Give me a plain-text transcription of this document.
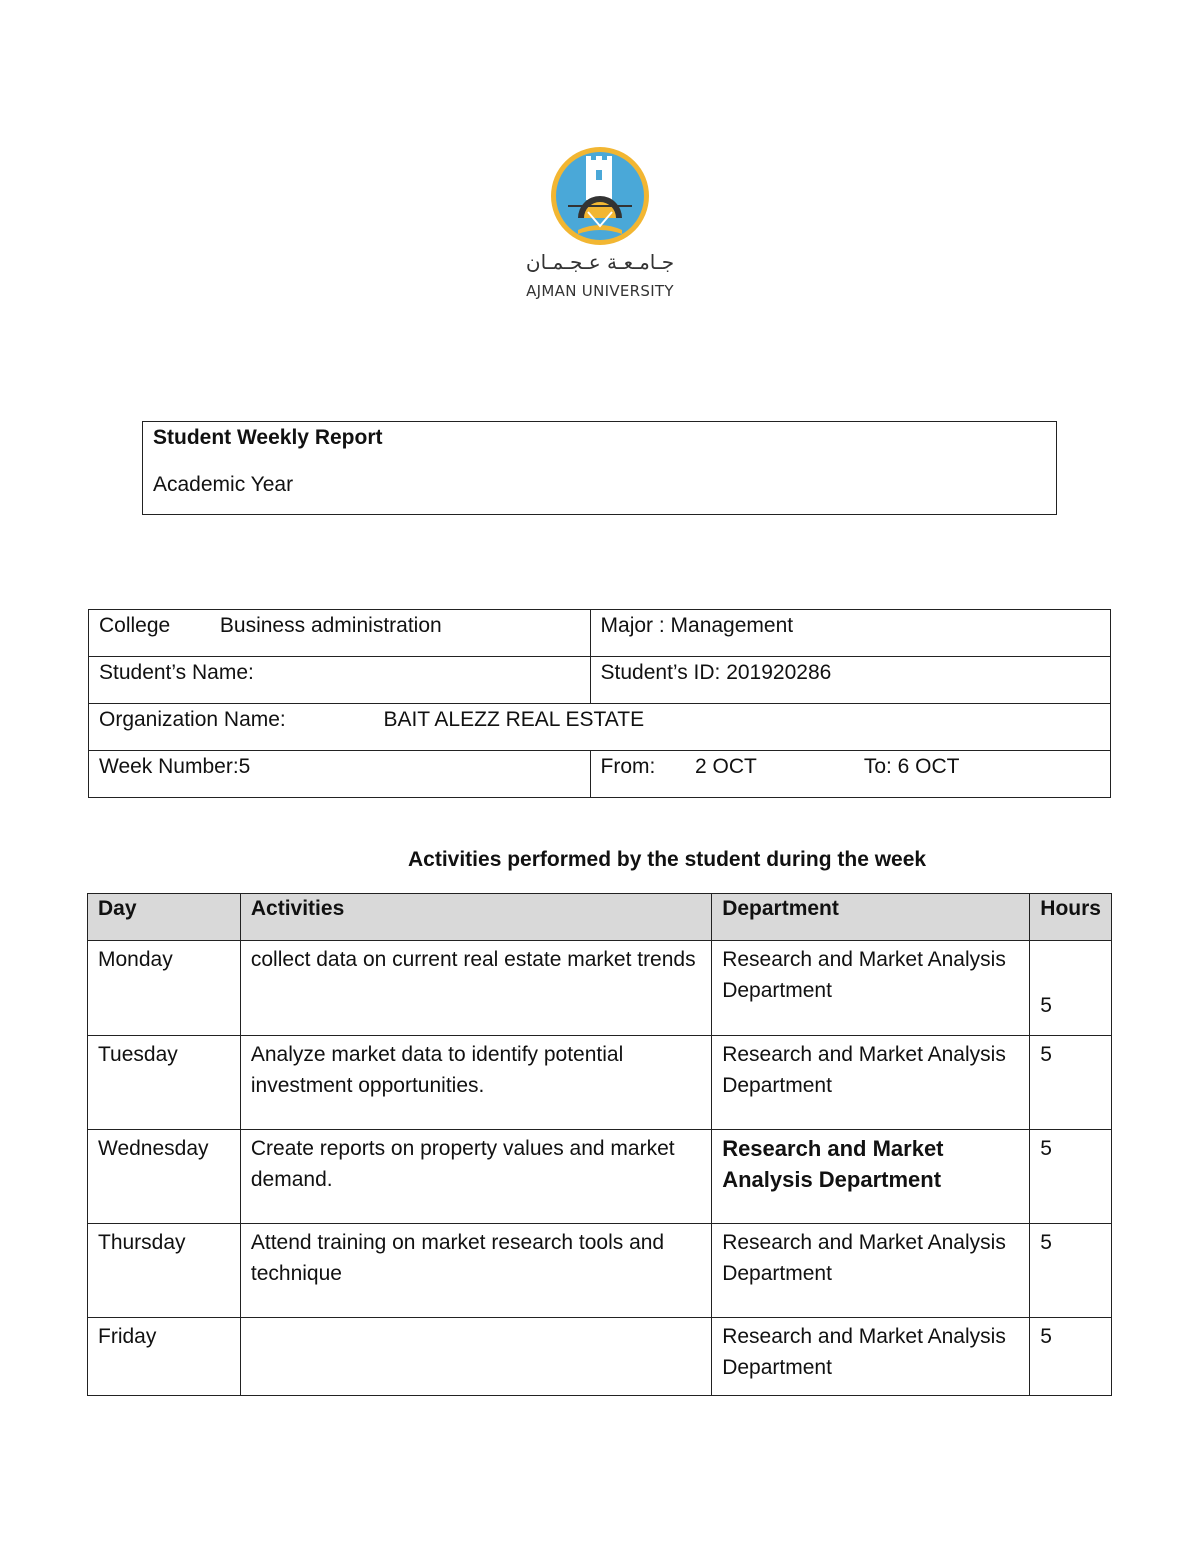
جـامـعـة عـجـمـان
AJMAN UNIVERSITY
Student Weekly Report
Academic Year
College Business administration	Major : Management
Student’s Name:	Student’s ID: 201920286
Organization Name: BAIT ALEZZ REAL ESTATE	
Week Number:5	From: 2 OCT To: 6 OCT
Activities performed by the student during the week
Day	Activities	Department	Hours
Monday	collect data on current real estate market trends	Research and Market Analysis Department	5
Tuesday	Analyze market data to identify potential investment opportunities.	Research and Market Analysis Department	5
Wednesday	Create reports on property values and market demand.	Research and Market Analysis Department	5
Thursday	Attend training on market research tools and technique	Research and Market Analysis Department	5
Friday		Research and Market Analysis Department	5
